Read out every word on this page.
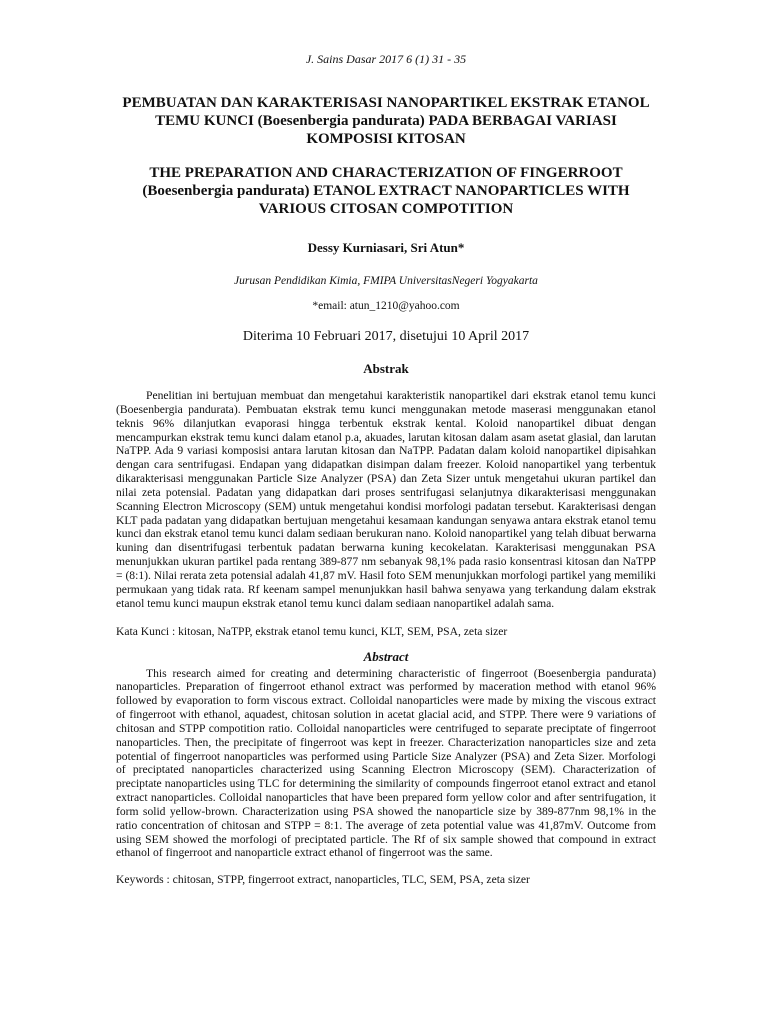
J. Sains Dasar 2017 6 (1) 31 - 35
PEMBUATAN DAN KARAKTERISASI NANOPARTIKEL EKSTRAK ETANOL TEMU KUNCI (Boesenbergia pandurata) PADA BERBAGAI VARIASI KOMPOSISI KITOSAN
THE PREPARATION AND CHARACTERIZATION OF FINGERROOT (Boesenbergia pandurata) ETANOL EXTRACT NANOPARTICLES WITH VARIOUS CITOSAN COMPOTITION
Dessy Kurniasari, Sri Atun*
Jurusan Pendidikan Kimia, FMIPA UniversitasNegeri Yogyakarta
*email: atun_1210@yahoo.com
Diterima 10 Februari 2017, disetujui 10 April 2017
Abstrak
Penelitian ini bertujuan membuat dan mengetahui karakteristik nanopartikel dari ekstrak etanol temu kunci (Boesenbergia pandurata). Pembuatan ekstrak temu kunci menggunakan metode maserasi menggunakan etanol teknis 96% dilanjutkan evaporasi hingga terbentuk ekstrak kental. Koloid nanopartikel dibuat dengan mencampurkan ekstrak temu kunci dalam etanol p.a, akuades, larutan kitosan dalam asam asetat glasial, dan larutan NaTPP. Ada 9 variasi komposisi antara larutan kitosan dan NaTPP. Padatan dalam koloid nanopartikel dipisahkan dengan cara sentrifugasi. Endapan yang didapatkan disimpan dalam freezer. Koloid nanopartikel yang terbentuk dikarakterisasi menggunakan Particle Size Analyzer (PSA) dan Zeta Sizer untuk mengetahui ukuran partikel dan nilai zeta potensial. Padatan yang didapatkan dari proses sentrifugasi selanjutnya dikarakterisasi menggunakan Scanning Electron Microscopy (SEM) untuk mengetahui kondisi morfologi padatan tersebut. Karakterisasi dengan KLT pada padatan yang didapatkan bertujuan mengetahui kesamaan kandungan senyawa antara ekstrak etanol temu kunci dan ekstrak etanol temu kunci dalam sediaan berukuran nano. Koloid nanopartikel yang telah dibuat berwarna kuning dan disentrifugasi terbentuk padatan berwarna kuning kecokelatan. Karakterisasi menggunakan PSA menunjukkan ukuran partikel pada rentang 389-877 nm sebanyak 98,1% pada rasio konsentrasi kitosan dan NaTPP = (8:1). Nilai rerata zeta potensial adalah 41,87 mV. Hasil foto SEM menunjukkan morfologi partikel yang memiliki permukaan yang tidak rata. Rf keenam sampel menunjukkan hasil bahwa senyawa yang terkandung dalam ekstrak etanol temu kunci maupun ekstrak etanol temu kunci dalam sediaan nanopartikel adalah sama.
Kata Kunci : kitosan, NaTPP, ekstrak etanol temu kunci, KLT, SEM, PSA, zeta sizer
Abstract
This research aimed for creating and determining characteristic of fingerroot (Boesenbergia pandurata) nanoparticles. Preparation of fingerroot ethanol extract was performed by maceration method with etanol 96% followed by evaporation to form viscous extract. Colloidal nanoparticles were made by mixing the viscous extract of fingerroot with ethanol, aquadest, chitosan solution in acetat glacial acid, and STPP. There were 9 variations of chitosan and STPP compotition ratio. Colloidal nanoparticles were centrifuged to separate preciptate of fingerroot nanoparticles. Then, the precipitate of fingerroot was kept in freezer. Characterization nanoparticles size and zeta potential of fingerroot nanoparticles was performed using Particle Size Analyzer (PSA) and Zeta Sizer. Morfologi of preciptated nanoparticles characterized using Scanning Electron Microscopy (SEM). Characterization of preciptate nanoparticles using TLC for determining the similarity of compounds fingerroot etanol extract and etanol extract nanoparticles. Colloidal nanoparticles that have been prepared form yellow color and after sentrifugation, it form solid yellow-brown. Characterization using PSA showed the nanoparticle size by 389-877nm 98,1% in the ratio concentration of chitosan and STPP = 8:1. The average of zeta potential value was 41,87mV. Outcome from using SEM showed the morfologi of preciptated particle. The Rf of six sample showed that compound in extract ethanol of fingerroot and nanoparticle extract ethanol of fingerroot was the same.
Keywords : chitosan, STPP, fingerroot extract, nanoparticles, TLC, SEM, PSA, zeta sizer
